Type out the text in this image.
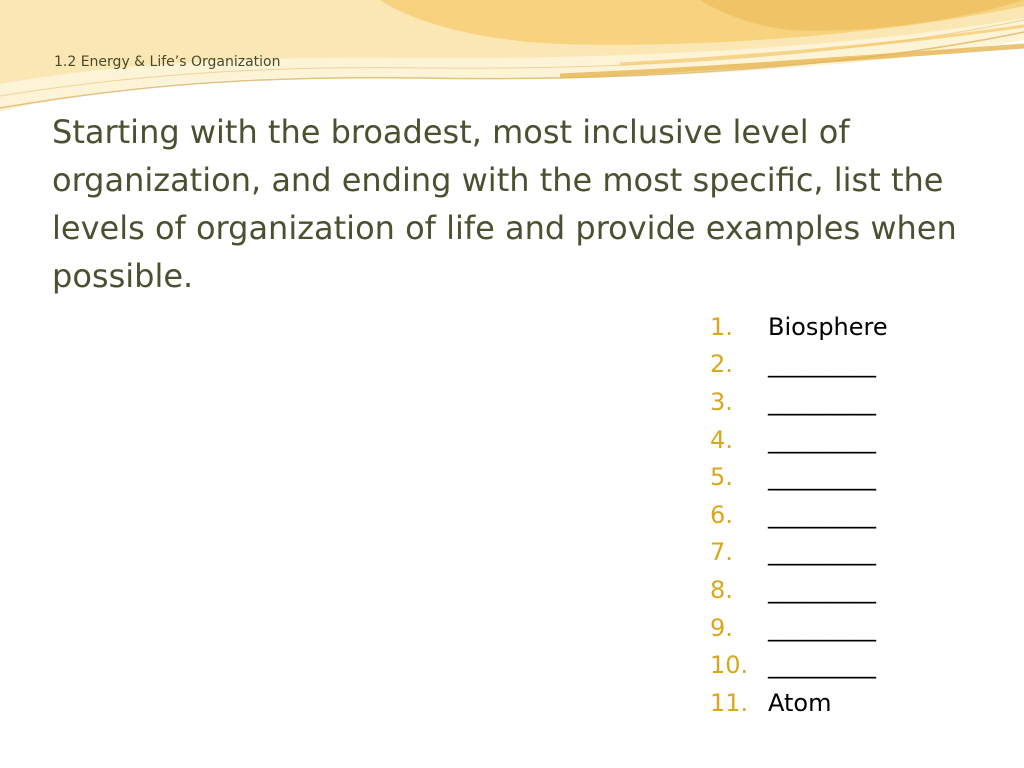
1.2 Energy & Life’s Organization
Starting with the broadest, most inclusive level of organization, and ending with the most specific, list the levels of organization of life and provide examples when possible.
1.	Biosphere
2.	_________
3.	_________
4.	_________
5.	_________
6.	_________
7.	_________
8.	_________
9.	_________
10. _________
11. Atom
